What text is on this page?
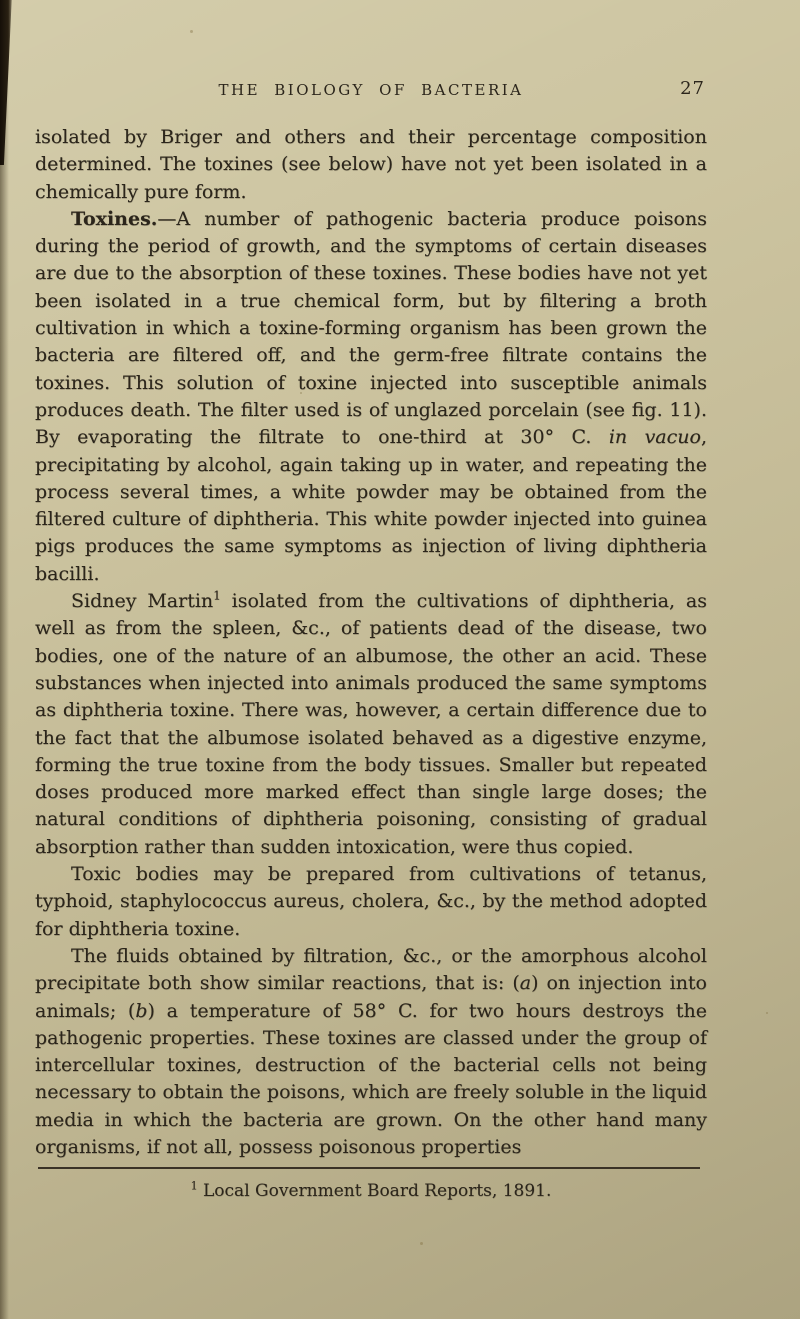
THE BIOLOGY OF BACTERIA	27

isolated by Briger and others and their percentage composition determined. The toxines (see below) have not yet been isolated in a chemically pure form.

Toxines.—A number of pathogenic bacteria produce poisons during the period of growth, and the symptoms of certain diseases are due to the absorption of these toxines. These bodies have not yet been isolated in a true chemical form, but by filtering a broth cultivation in which a toxine-forming organism has been grown the bacteria are filtered off, and the germ-free filtrate contains the toxines. This solution of toxine injected into susceptible animals produces death. The filter used is of unglazed porcelain (see fig. 11). By evaporating the filtrate to one-third at 30° C. in vacuo, precipitating by alcohol, again taking up in water, and repeating the process several times, a white powder may be obtained from the filtered culture of diphtheria. This white powder injected into guinea pigs produces the same symptoms as injection of living diphtheria bacilli.

Sidney Martin$^1$ isolated from the cultivations of diphtheria, as well as from the spleen, &c., of patients dead of the disease, two bodies, one of the nature of an albumose, the other an acid. These substances when injected into animals produced the same symptoms as diphtheria toxine. There was, however, a certain difference due to the fact that the albumose isolated behaved as a digestive enzyme, forming the true toxine from the body tissues. Smaller but repeated doses produced more marked effect than single large doses; the natural conditions of diphtheria poisoning, consisting of gradual absorption rather than sudden intoxication, were thus copied.

Toxic bodies may be prepared from cultivations of tetanus, typhoid, staphylococcus aureus, cholera, &c., by the method adopted for diphtheria toxine.

The fluids obtained by filtration, &c., or the amorphous alcohol precipitate both show similar reactions, that is: (a) on injection into animals; (b) a temperature of 58° C. for two hours destroys the pathogenic properties. These toxines are classed under the group of intercellular toxines, destruction of the bacterial cells not being necessary to obtain the poisons, which are freely soluble in the liquid media in which the bacteria are grown. On the other hand many organisms, if not all, possess poisonous properties

$^1$ Local Government Board Reports, 1891.
